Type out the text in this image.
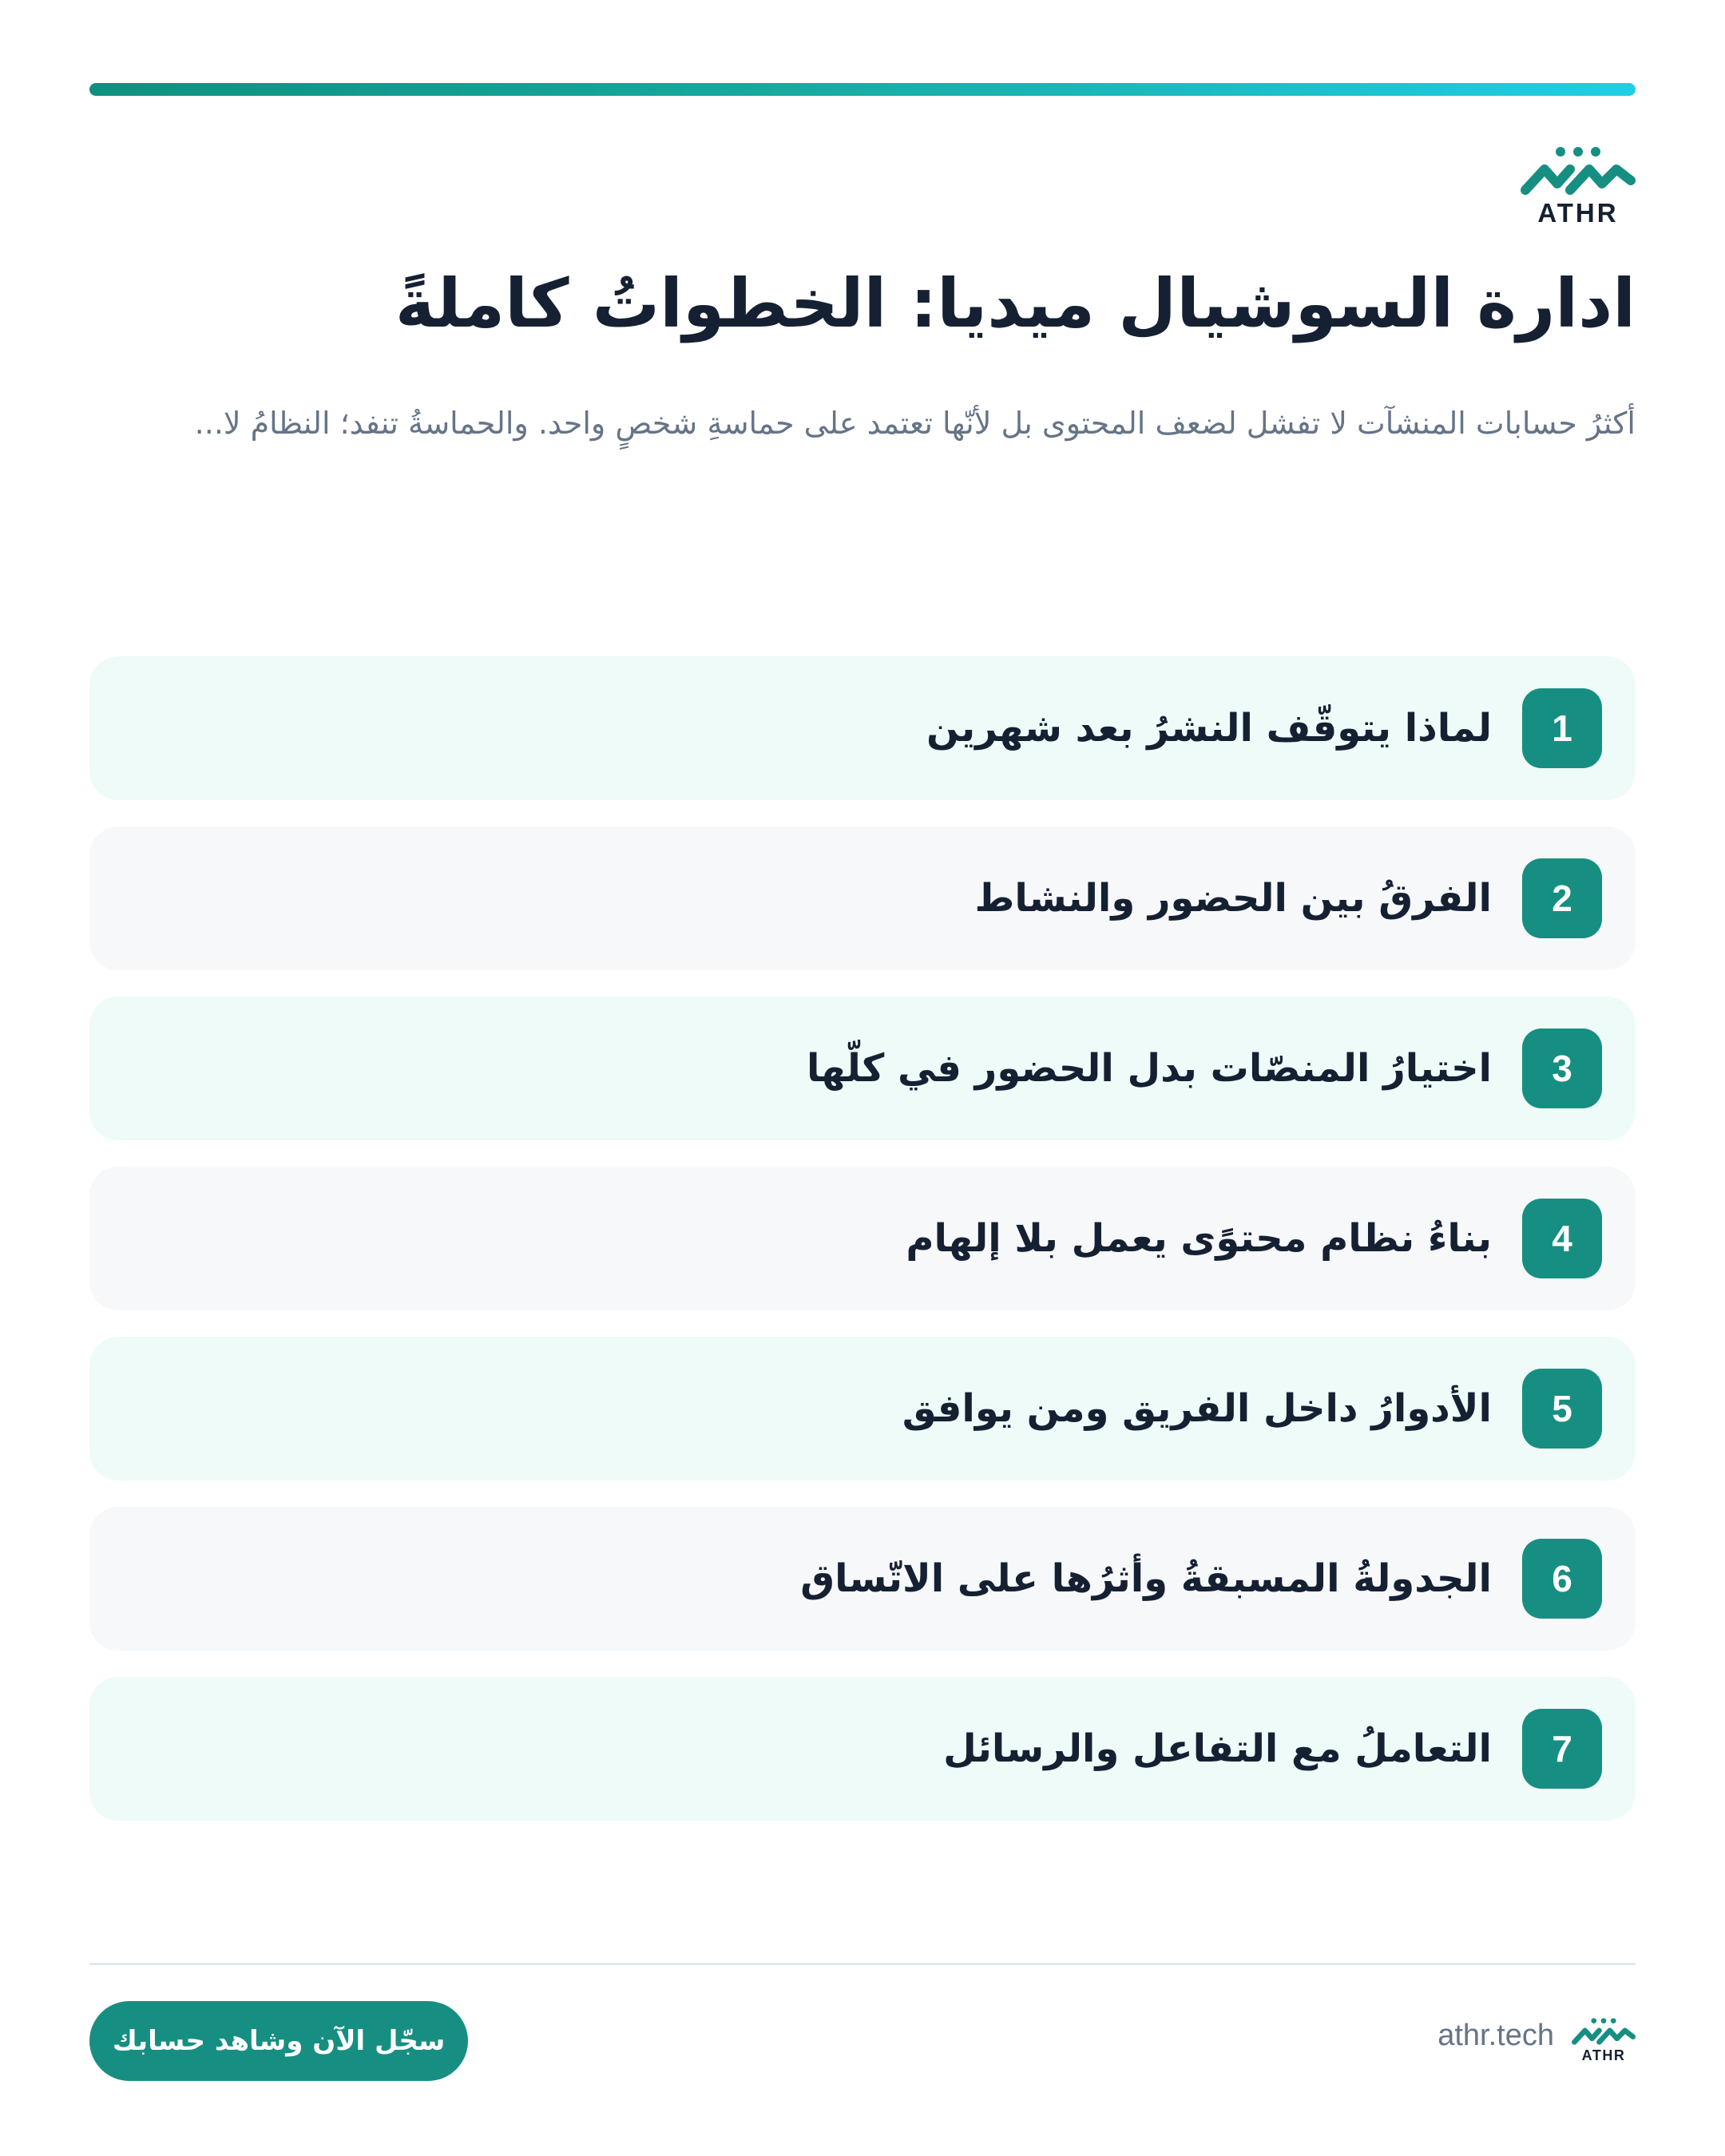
ATHR
ادارة السوشيال ميديا: الخطواتُ كاملةً

أكثرُ حسابات المنشآت لا تفشل لضعف المحتوى بل لأنّها تعتمد على حماسةِ شخصٍ واحد. والحماسةُ تنفد؛ النظامُ لا...

1
لماذا يتوقّف النشرُ بعد شهرين
2
الفرقُ بين الحضور والنشاط
3
اختيارُ المنصّات بدل الحضور في كلّها
4
بناءُ نظام محتوًى يعمل بلا إلهام
5
الأدوارُ داخل الفريق ومن يوافق
6
الجدولةُ المسبقةُ وأثرُها على الاتّساق
7
التعاملُ مع التفاعل والرسائل
سجّل الآن وشاهد حسابك	ATHR
athr.tech
